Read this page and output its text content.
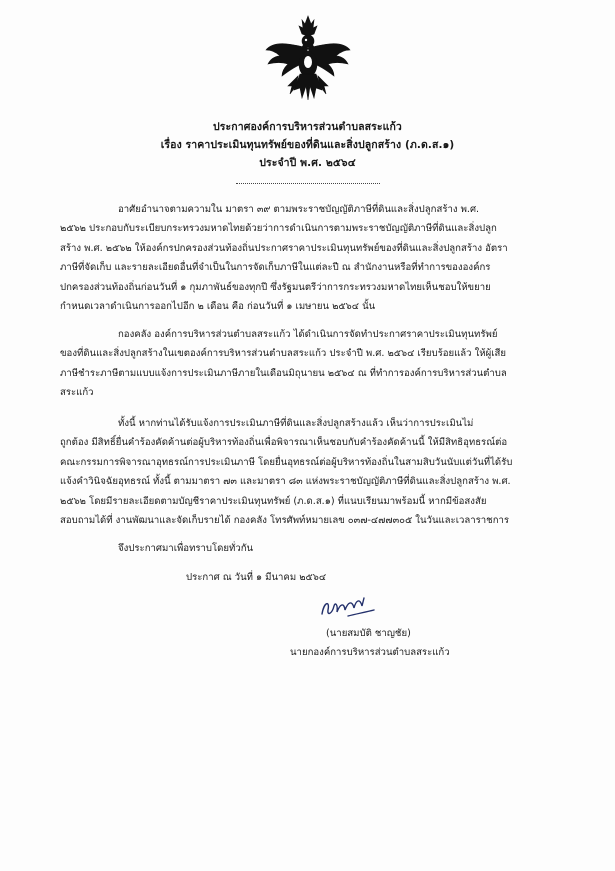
ประกาศองค์การบริหารส่วนตำบลสระแก้ว
เรื่อง ราคาประเมินทุนทรัพย์ของที่ดินและสิ่งปลูกสร้าง (ภ.ด.ส.๑)
ประจำปี พ.ศ. ๒๕๖๔
อาศัยอำนาจตามความใน มาตรา ๓๙ ตามพระราชบัญญัติภาษีที่ดินและสิ่งปลูกสร้าง พ.ศ.
๒๕๖๒ ประกอบกับระเบียบกระทรวงมหาดไทยด้วยว่าการดำเนินการตามพระราชบัญญัติภาษีที่ดินและสิ่งปลูก
สร้าง พ.ศ. ๒๕๖๒ ให้องค์กรปกครองส่วนท้องถิ่นประกาศราคาประเมินทุนทรัพย์ของที่ดินและสิ่งปลูกสร้าง อัตรา
ภาษีที่จัดเก็บ และรายละเอียดอื่นที่จำเป็นในการจัดเก็บภาษีในแต่ละปี ณ สำนักงานหรือที่ทำการขององค์กร
ปกครองส่วนท้องถิ่นก่อนวันที่ ๑ กุมภาพันธ์ของทุกปี ซึ่งรัฐมนตรีว่าการกระทรวงมหาดไทยเห็นชอบให้ขยาย
กำหนดเวลาดำเนินการออกไปอีก ๒ เดือน คือ ก่อนวันที่ ๑ เมษายน ๒๕๖๔ นั้น
กองคลัง องค์การบริหารส่วนตำบลสระแก้ว ได้ดำเนินการจัดทำประกาศราคาประเมินทุนทรัพย์
ของที่ดินและสิ่งปลูกสร้างในเขตองค์การบริหารส่วนตำบลสระแก้ว ประจำปี พ.ศ. ๒๕๖๔ เรียบร้อยแล้ว ให้ผู้เสีย
ภาษีชำระภาษีตามแบบแจ้งการประเมินภาษีภายในเดือนมิถุนายน ๒๕๖๔ ณ ที่ทำการองค์การบริหารส่วนตำบล
สระแก้ว
ทั้งนี้ หากท่านได้รับแจ้งการประเมินภาษีที่ดินและสิ่งปลูกสร้างแล้ว เห็นว่าการประเมินไม่
ถูกต้อง มีสิทธิ์ยื่นคำร้องคัดค้านต่อผู้บริหารท้องถิ่นเพื่อพิจารณาเห็นชอบกับคำร้องคัดค้านนี้ ให้มีสิทธิอุทธรณ์ต่อ
คณะกรรมการพิจารณาอุทธรณ์การประเมินภาษี โดยยื่นอุทธรณ์ต่อผู้บริหารท้องถิ่นในสามสิบวันนับแต่วันที่ได้รับ
แจ้งคำวินิจฉัยอุทธรณ์ ทั้งนี้ ตามมาตรา ๗๓ และมาตรา ๘๓ แห่งพระราชบัญญัติภาษีที่ดินและสิ่งปลูกสร้าง พ.ศ.
๒๕๖๒ โดยมีรายละเอียดตามบัญชีราคาประเมินทุนทรัพย์ (ภ.ด.ส.๑) ที่แนบเรียนมาพร้อมนี้ หากมีข้อสงสัย
สอบถามได้ที่ งานพัฒนาและจัดเก็บรายได้ กองคลัง โทรศัพท์หมายเลข ๐๓๗-๔๗๗๓๐๕ ในวันและเวลาราชการ
จึงประกาศมาเพื่อทราบโดยทั่วกัน
ประกาศ ณ วันที่ ๑ มีนาคม ๒๕๖๔
(นายสมบัติ ชาญชัย)
นายกองค์การบริหารส่วนตำบลสระแก้ว
